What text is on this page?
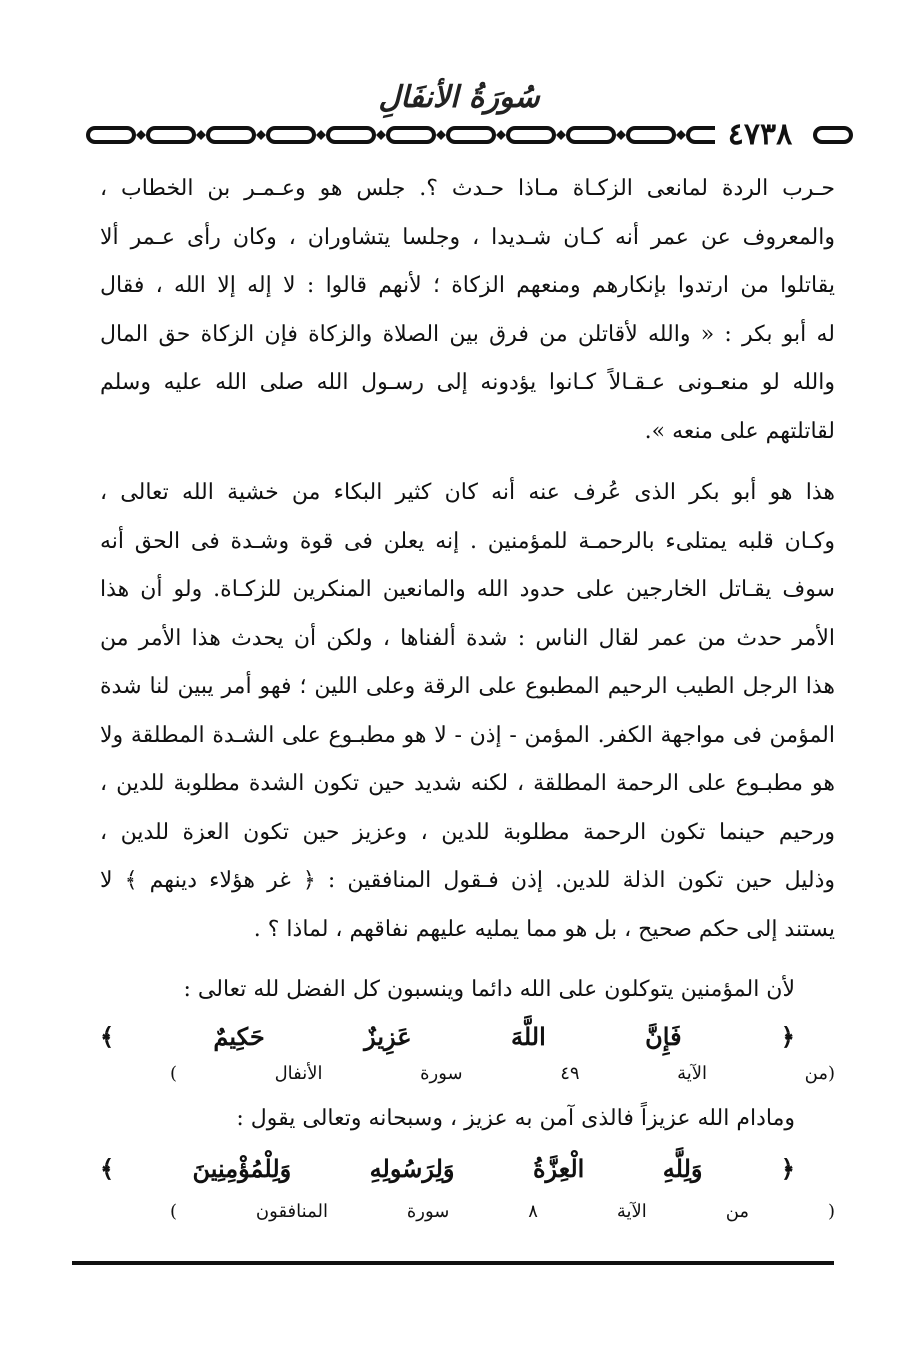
سُورَةُ الأنفَالِ
٤٧٣٨
حـرب الردة لمانعى الزكـاة مـاذا حـدث ؟. جلس هو وعـمـر بن الخطاب ،
والمعروف عن عمر أنه كـان شـديدا ، وجلسا يتشاوران ، وكان رأى عـمر ألا
يقاتلوا من ارتدوا بإنكارهم ومنعهم الزكاة ؛ لأنهم قالوا : لا إله إلا الله ، فقال
له أبو بكر : « والله لأقاتلن من فرق بين الصلاة والزكاة فإن الزكاة حق المال
والله لو منعـونى عـقـالاً كـانوا يؤدونه إلى رسـول الله صلى الله عليه وسلم
لقاتلتهم على منعه ».
هذا هو أبو بكر الذى عُرف عنه أنه كان كثير البكاء من خشية الله تعالى ،
وكـان قلبه يمتلىء بالرحمـة للمؤمنين . إنه يعلن فى قوة وشـدة فى الحق أنه
سوف يقـاتل الخارجين على حدود الله والمانعين المنكرين للزكـاة. ولو أن هذا
الأمر حدث من عمر لقال الناس : شدة ألفناها ، ولكن أن يحدث هذا الأمر من
هذا الرجل الطيب الرحيم المطبوع على الرقة وعلى اللين ؛ فهو أمر يبين لنا شدة
المؤمن فى مواجهة الكفر. المؤمن - إذن - لا هو مطبـوع على الشـدة المطلقة ولا
هو مطبـوع على الرحمة المطلقة ، لكنه شديد حين تكون الشدة مطلوبة للدين ،
ورحيم حينما تكون الرحمة مطلوبة للدين ، وعزيز حين تكون العزة للدين ،
وذليل حين تكون الذلة للدين. إذن فـقول المنافقين : ﴿ غر هؤلاء دينهم ﴾ لا
يستند إلى حكم صحيح ، بل هو مما يمليه عليهم نفاقهم ، لماذا ؟ .
لأن المؤمنين يتوكلون على الله دائما وينسبون كل الفضل لله تعالى :
﴿ فَإِنَّ اللَّهَ عَزِيزٌ حَكِيمٌ ﴾
(من الآية ٤٩ سورة الأنفال )
ومادام الله عزيزاً فالذى آمن به عزيز ، وسبحانه وتعالى يقول :
﴿ وَلِلَّهِ الْعِزَّةُ وَلِرَسُولِهِ وَلِلْمُؤْمِنِينَ ﴾
( من الآية ٨ سورة المنافقون )
